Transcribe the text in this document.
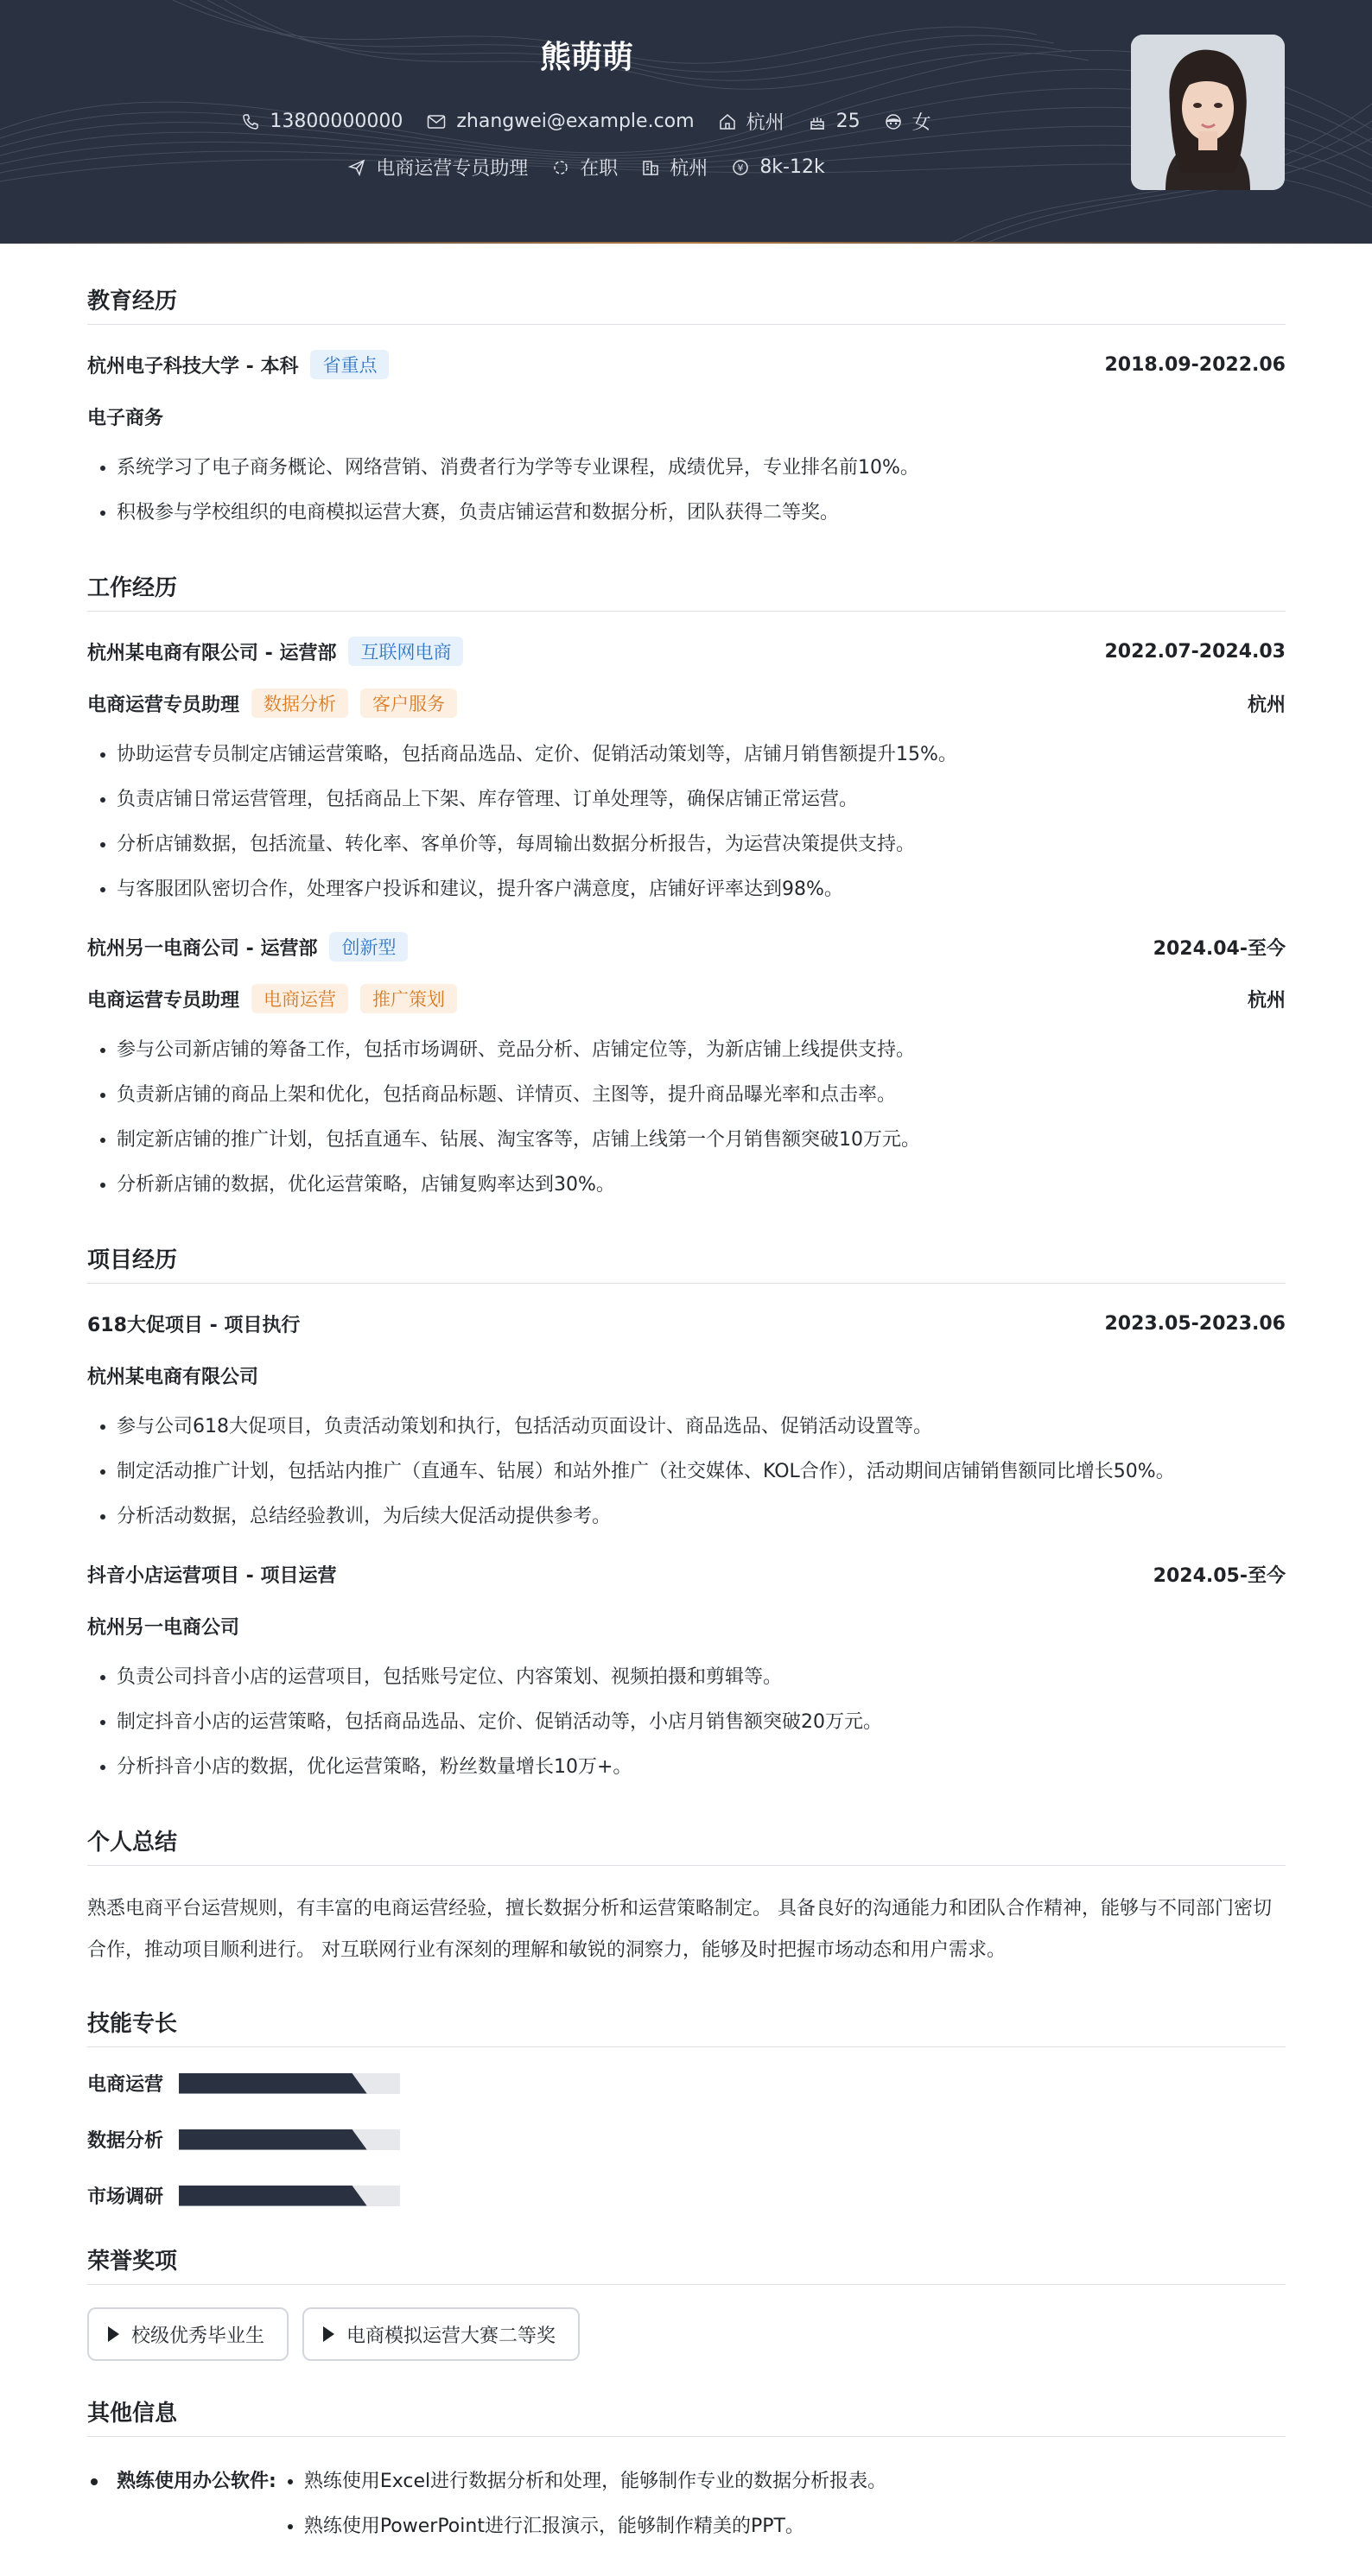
熊萌萌
13800000000	zhangwei@example.com	杭州	25	女
电商运营专员助理	在职	杭州	¥ 8k-12k
教育经历
杭州电子科技大学 - 本科	省重点	2018.09-2022.06
电子商务
• 系统学习了电子商务概论、网络营销、消费者行为学等专业课程，成绩优异，专业排名前10%。
• 积极参与学校组织的电商模拟运营大赛，负责店铺运营和数据分析，团队获得二等奖。
工作经历
杭州某电商有限公司 - 运营部	互联网电商	2022.07-2024.03
电商运营专员助理	数据分析	客户服务	杭州
• 协助运营专员制定店铺运营策略，包括商品选品、定价、促销活动策划等，店铺月销售额提升15%。
• 负责店铺日常运营管理，包括商品上下架、库存管理、订单处理等，确保店铺正常运营。
• 分析店铺数据，包括流量、转化率、客单价等，每周输出数据分析报告，为运营决策提供支持。
• 与客服团队密切合作，处理客户投诉和建议，提升客户满意度，店铺好评率达到98%。
杭州另一电商公司 - 运营部	创新型	2024.04-至今
电商运营专员助理	电商运营	推广策划	杭州
• 参与公司新店铺的筹备工作，包括市场调研、竞品分析、店铺定位等，为新店铺上线提供支持。
• 负责新店铺的商品上架和优化，包括商品标题、详情页、主图等，提升商品曝光率和点击率。
• 制定新店铺的推广计划，包括直通车、钻展、淘宝客等，店铺上线第一个月销售额突破10万元。
• 分析新店铺的数据，优化运营策略，店铺复购率达到30%。
项目经历
618大促项目 - 项目执行	2023.05-2023.06
杭州某电商有限公司
• 参与公司618大促项目，负责活动策划和执行，包括活动页面设计、商品选品、促销活动设置等。
• 制定活动推广计划，包括站内推广（直通车、钻展）和站外推广（社交媒体、KOL合作），活动期间店铺销售额同比增长50%。
• 分析活动数据，总结经验教训，为后续大促活动提供参考。
抖音小店运营项目 - 项目运营	2024.05-至今
杭州另一电商公司
• 负责公司抖音小店的运营项目，包括账号定位、内容策划、视频拍摄和剪辑等。
• 制定抖音小店的运营策略，包括商品选品、定价、促销活动等，小店月销售额突破20万元。
• 分析抖音小店的数据，优化运营策略，粉丝数量增长10万+。
个人总结
熟悉电商平台运营规则，有丰富的电商运营经验，擅长数据分析和运营策略制定。 具备良好的沟通能力和团队合作精神，能够与不同部门密切合作，推动项目顺利进行。 对互联网行业有深刻的理解和敏锐的洞察力，能够及时把握市场动态和用户需求。
技能专长
电商运营
数据分析
市场调研
荣誉奖项
校级优秀毕业生	电商模拟运营大赛二等奖
其他信息
熟练使用办公软件:
• 熟练使用Excel进行数据分析和处理，能够制作专业的数据分析报表。
• 熟练使用PowerPoint进行汇报演示，能够制作精美的PPT。
